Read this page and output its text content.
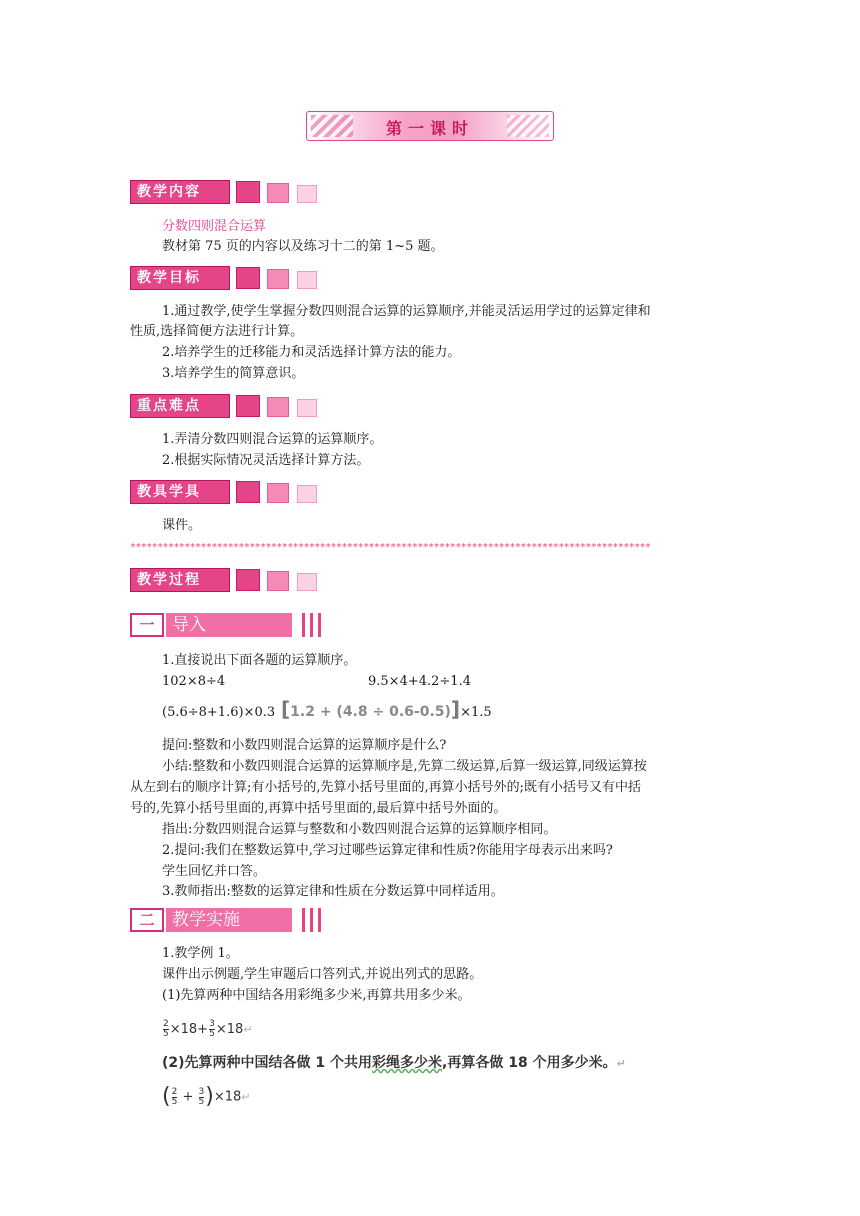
第一课时
教学内容
分数四则混合运算
教材第 75 页的内容以及练习十二的第 1~5 题。
教学目标
1.通过教学,使学生掌握分数四则混合运算的运算顺序,并能灵活运用学过的运算定律和
性质,选择简便方法进行计算。
2.培养学生的迁移能力和灵活选择计算方法的能力。
3.培养学生的简算意识。
重点难点
1.弄清分数四则混合运算的运算顺序。
2.根据实际情况灵活选择计算方法。
教具学具
课件。
************************************************************************************************
教学过程
一	导入
1.直接说出下面各题的运算顺序。
102×8÷4	9.5×4+4.2÷1.4
(5.6÷8+1.6)×0.3 [1.2 + (4.8 ÷ 0.6-0.5)]×1.5
提问:整数和小数四则混合运算的运算顺序是什么?
小结:整数和小数四则混合运算的运算顺序是,先算二级运算,后算一级运算,同级运算按
从左到右的顺序计算;有小括号的,先算小括号里面的,再算小括号外的;既有小括号又有中括
号的,先算小括号里面的,再算中括号里面的,最后算中括号外面的。
指出:分数四则混合运算与整数和小数四则混合运算的运算顺序相同。
2.提问:我们在整数运算中,学习过哪些运算定律和性质?你能用字母表示出来吗?
学生回忆并口答。
3.教师指出:整数的运算定律和性质在分数运算中同样适用。
二	教学实施
1.教学例 1。
课件出示例题,学生审题后口答列式,并说出列式的思路。
(1)先算两种中国结各用彩绳多少米,再算共用多少米。
$\frac{2}{5} \times 18+ \frac{3}{5}$ ×18↵
(2)先算两种中国结各做 1 个共用彩绳多少米,再算各做 18 个用多少米。↵
( $\frac{2}{5} + \frac{3}{5}$ )×18↵
